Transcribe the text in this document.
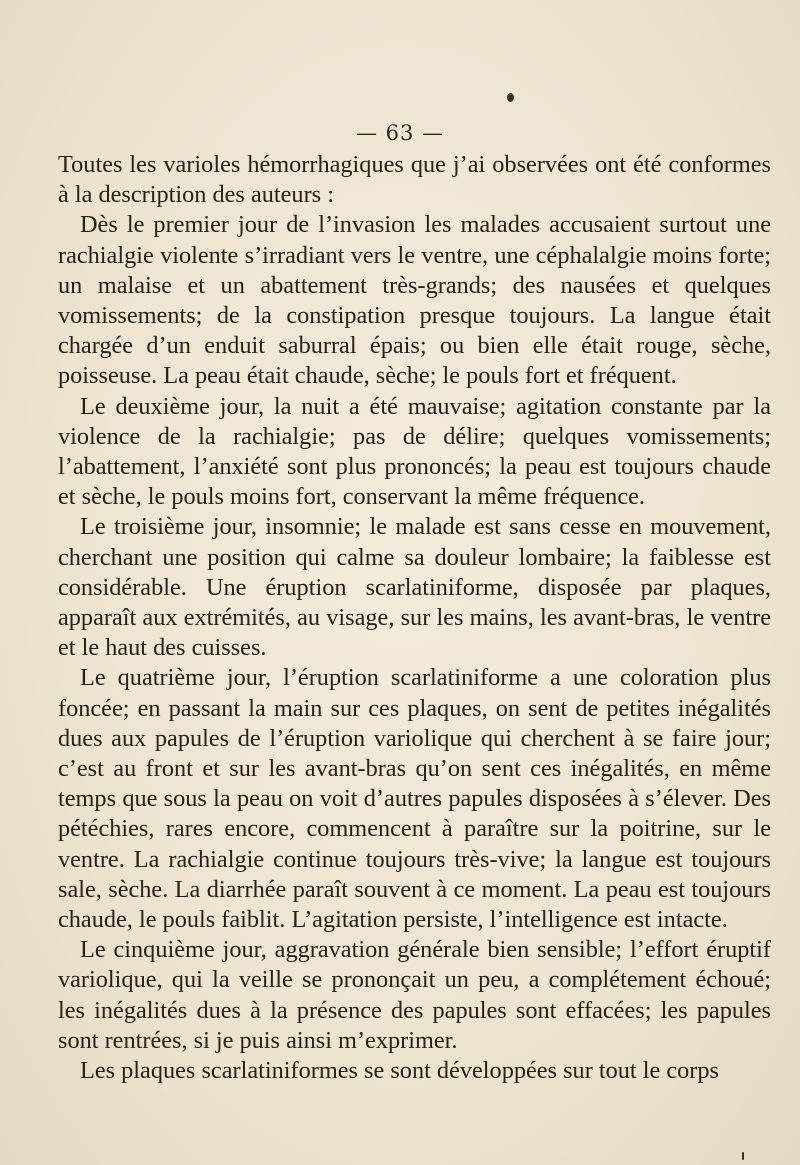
— 63 —

Toutes les varioles hémorrhagiques que j’ai observées ont été conformes à la description des auteurs :

Dès le premier jour de l’invasion les malades accusaient surtout une rachialgie violente s’irradiant vers le ventre, une céphalalgie moins forte; un malaise et un abattement très-grands; des nausées et quelques vomissements; de la constipation presque toujours. La langue était chargée d’un enduit saburral épais; ou bien elle était rouge, sèche, poisseuse. La peau était chaude, sèche; le pouls fort et fréquent.

Le deuxième jour, la nuit a été mauvaise; agitation constante par la violence de la rachialgie; pas de délire; quelques vomissements; l’abattement, l’anxiété sont plus prononcés; la peau est toujours chaude et sèche, le pouls moins fort, conservant la même fréquence.

Le troisième jour, insomnie; le malade est sans cesse en mouvement, cherchant une position qui calme sa douleur lombaire; la faiblesse est considérable. Une éruption scarlatiniforme, disposée par plaques, apparaît aux extrémités, au visage, sur les mains, les avant-bras, le ventre et le haut des cuisses.

Le quatrième jour, l’éruption scarlatiniforme a une coloration plus foncée; en passant la main sur ces plaques, on sent de petites inégalités dues aux papules de l’éruption variolique qui cherchent à se faire jour; c’est au front et sur les avant-bras qu’on sent ces inégalités, en même temps que sous la peau on voit d’autres papules disposées à s’élever. Des pétéchies, rares encore, commencent à paraître sur la poitrine, sur le ventre. La rachialgie continue toujours très-vive; la langue est toujours sale, sèche. La diarrhée paraît souvent à ce moment. La peau est toujours chaude, le pouls faiblit. L’agitation persiste, l’intelligence est intacte.

Le cinquième jour, aggravation générale bien sensible; l’effort éruptif variolique, qui la veille se prononçait un peu, a complétement échoué; les inégalités dues à la présence des papules sont effacées; les papules sont rentrées, si je puis ainsi m’exprimer.

Les plaques scarlatiniformes se sont développées sur tout le corps
